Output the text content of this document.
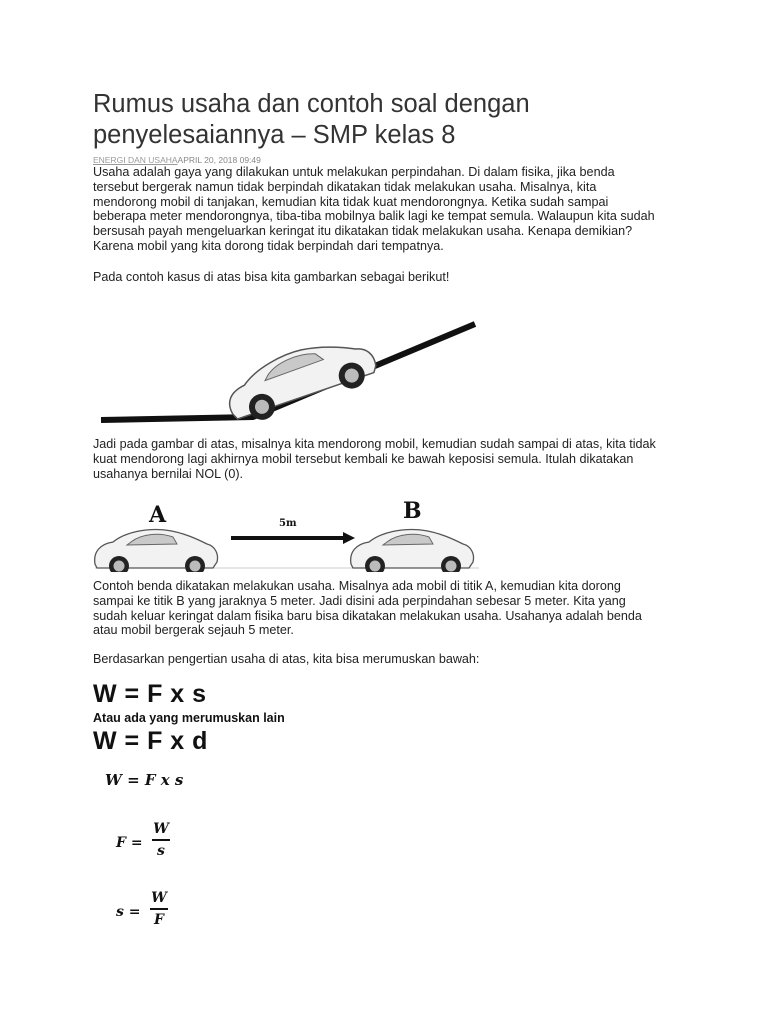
Rumus usaha dan contoh soal dengan penyelesaiannya – SMP kelas 8
ENERGI DAN USAHAAPRIL 20, 2018 09:49

Usaha adalah gaya yang dilakukan untuk melakukan perpindahan. Di dalam fisika, jika benda tersebut bergerak namun tidak berpindah dikatakan tidak melakukan usaha. Misalnya, kita mendorong mobil di tanjakan, kemudian kita tidak kuat mendorongnya. Ketika sudah sampai beberapa meter mendorongnya, tiba-tiba mobilnya balik lagi ke tempat semula. Walaupun kita sudah bersusah payah mengeluarkan keringat itu dikatakan tidak melakukan usaha. Kenapa demikian? Karena mobil yang kita dorong tidak berpindah dari tempatnya.

Pada contoh kasus di atas bisa kita gambarkan sebagai berikut!

Jadi pada gambar di atas, misalnya kita mendorong mobil, kemudian sudah sampai di atas, kita tidak kuat mendorong lagi akhirnya mobil tersebut kembali ke bawah keposisi semula. Itulah dikatakan usahanya bernilai NOL (0).

A	5m	B

Contoh benda dikatakan melakukan usaha. Misalnya ada mobil di titik A, kemudian kita dorong sampai ke titik B yang jaraknya 5 meter. Jadi disini ada perpindahan sebesar 5 meter. Kita yang sudah keluar keringat dalam fisika baru bisa dikatakan melakukan usaha. Usahanya adalah benda atau mobil bergerak sejauh 5 meter.

Berdasarkan pengertian usaha di atas, kita bisa merumuskan bawah:

W = F x s
Atau ada yang merumuskan lain
W = F x d
W = F x s
F =
W
s
s =
W
F
